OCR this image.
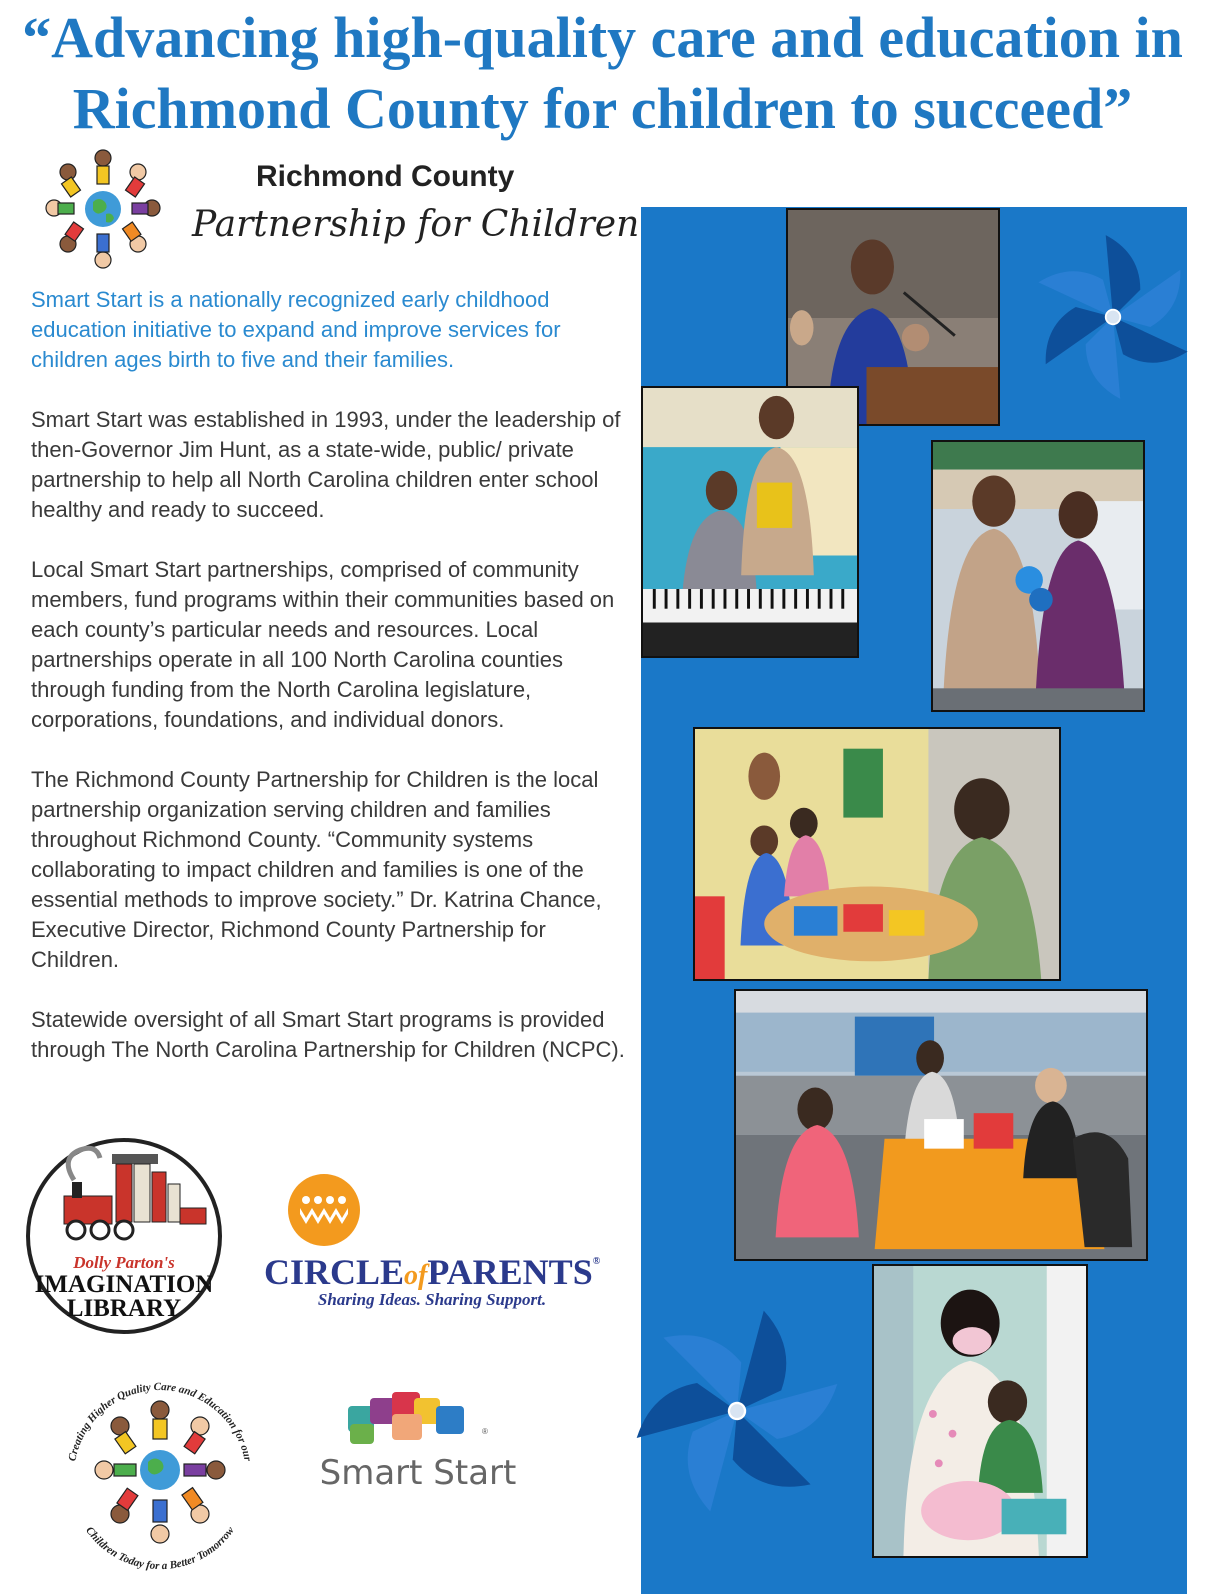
“Advancing high-quality care and education in
Richmond County for children to succeed”
Richmond County
Partnership for Children

Smart Start is a nationally recognized early childhood education initiative to expand and improve services for children ages birth to five and their families.

Smart Start was established in 1993, under the leadership of then-Governor Jim Hunt, as a state-wide, public/ private partnership to help all North Carolina children enter school healthy and ready to succeed.

Local Smart Start partnerships, comprised of community members, fund programs within their communities based on each county’s particular needs and resources. Local partnerships operate in all 100 North Carolina counties through funding from the North Carolina legislature, corporations, foundations, and individual donors.

The Richmond County Partnership for Children is the local partnership organization serving children and families throughout Richmond County. “Community systems collaborating to impact children and families is one of the essential methods to improve society.” Dr. Katrina Chance, Executive Director, Richmond County Partnership for Children.

Statewide oversight of all Smart Start programs is provided through The North Carolina Partnership for Children (NCPC).

Dolly Parton's
IMAGINATION
LIBRARY
CIRCLEofPARENTS®
Sharing Ideas. Sharing Support.
Creating Higher Quality Care and Education for our
Children Today for a Better Tomorrow
®
Smart Start
